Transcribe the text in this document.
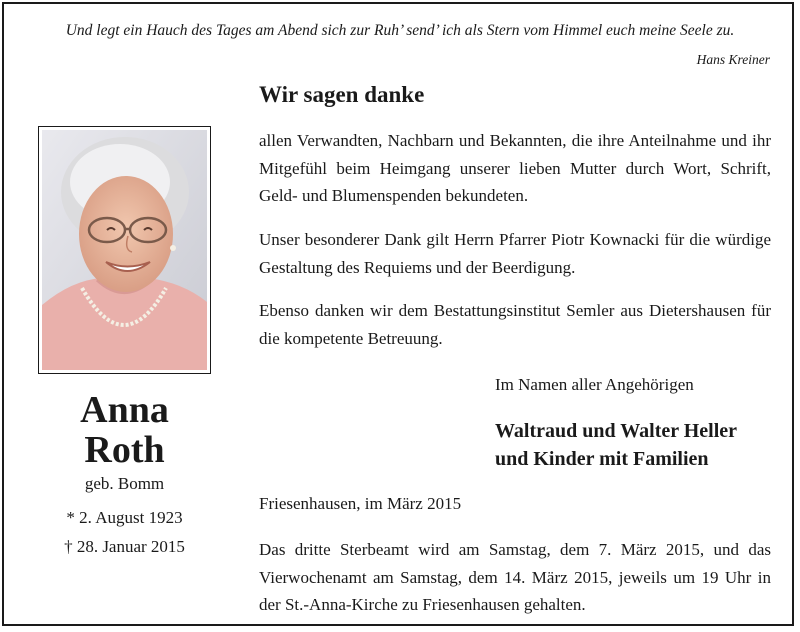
Und legt ein Hauch des Tages am Abend sich zur Ruh’ send’ ich als Stern vom Himmel euch meine Seele zu.
Hans Kreiner
Wir sagen danke
Anna
Roth
geb. Bomm
* 2. August 1923
† 28. Januar 2015
allen Verwandten, Nachbarn und Bekannten, die ihre Anteilnahme und ihr Mitgefühl beim Heimgang unserer lieben Mutter durch Wort, Schrift, Geld- und Blumenspenden bekundeten.
Unser besonderer Dank gilt Herrn Pfarrer Piotr Kownacki für die würdige Gestaltung des Requiems und der Beerdigung.
Ebenso danken wir dem Bestattungsinstitut Semler aus Dietershausen für die kompetente Betreuung.
Im Namen aller Angehörigen
Waltraud und Walter Heller
und Kinder mit Familien
Friesenhausen, im März 2015
Das dritte Sterbeamt wird am Samstag, dem 7. März 2015, und das Vierwochenamt am Samstag, dem 14. März 2015, jeweils um 19 Uhr in der St.-Anna-Kirche zu Friesenhausen gehalten.
